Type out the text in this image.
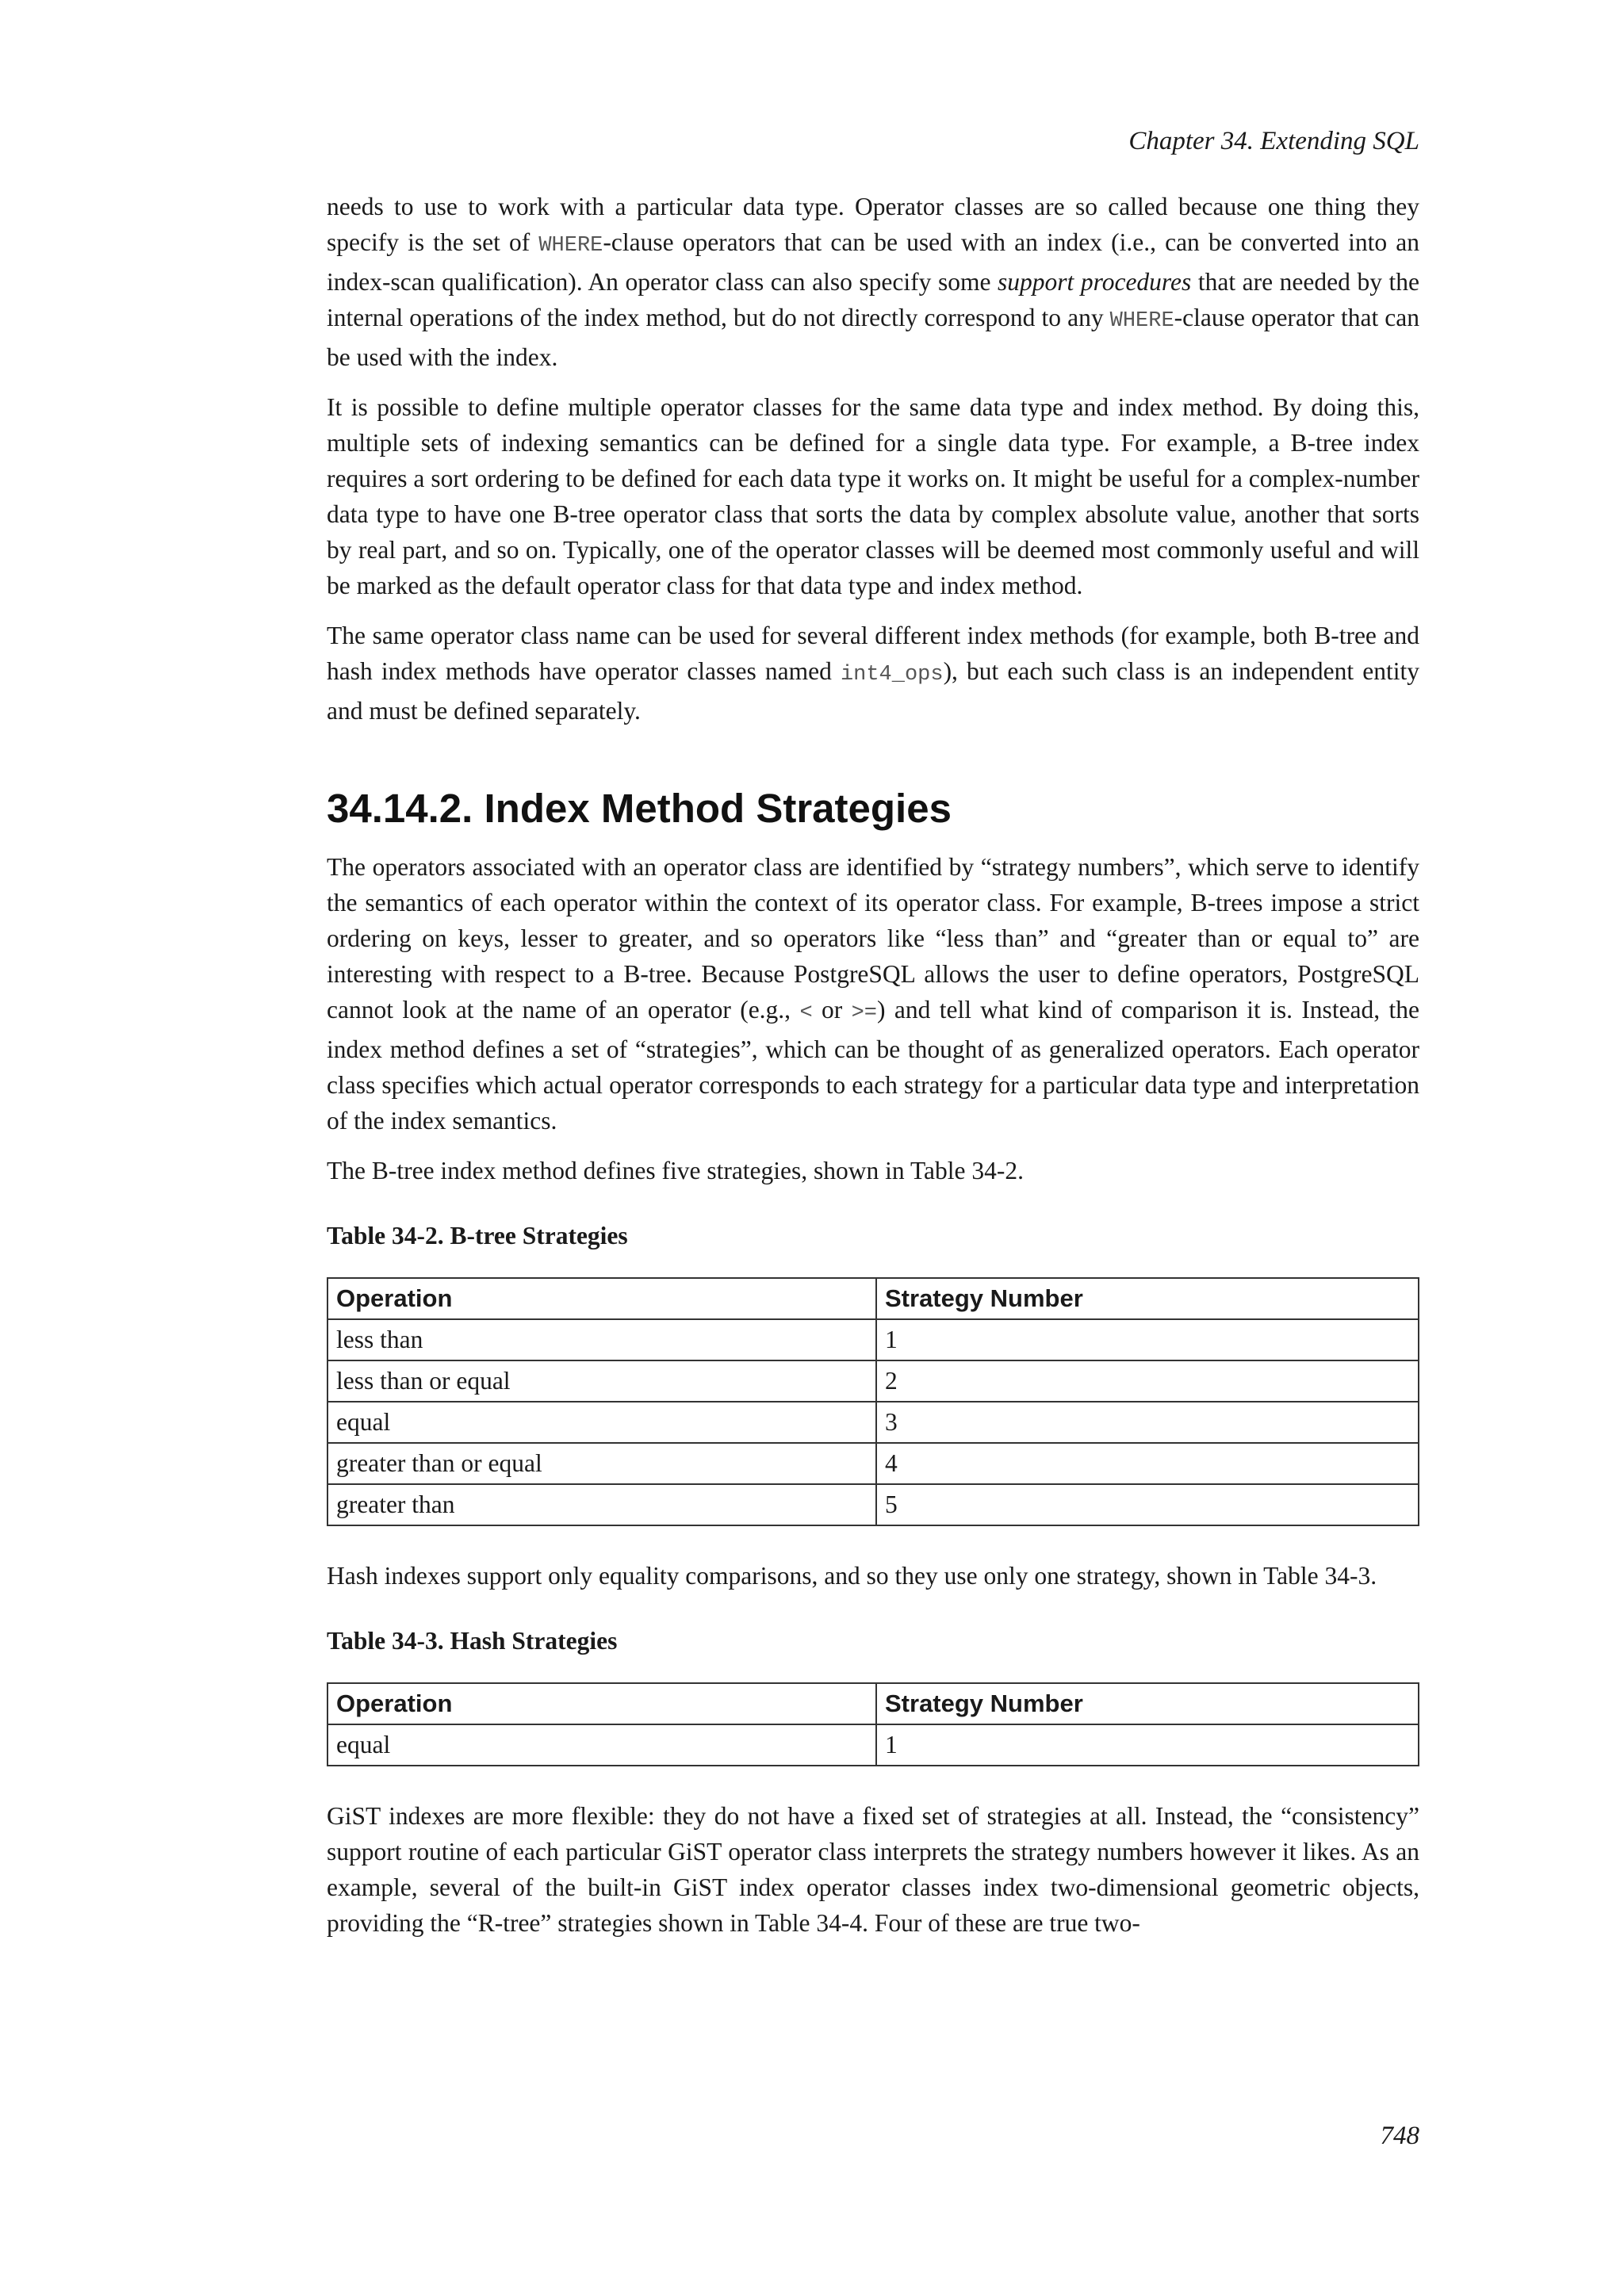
Chapter 34. Extending SQL

needs to use to work with a particular data type. Operator classes are so called because one thing they specify is the set of WHERE-clause operators that can be used with an index (i.e., can be converted into an index-scan qualification). An operator class can also specify some support procedures that are needed by the internal operations of the index method, but do not directly correspond to any WHERE-clause operator that can be used with the index.

It is possible to define multiple operator classes for the same data type and index method. By doing this, multiple sets of indexing semantics can be defined for a single data type. For example, a B-tree index requires a sort ordering to be defined for each data type it works on. It might be useful for a complex-number data type to have one B-tree operator class that sorts the data by complex absolute value, another that sorts by real part, and so on. Typically, one of the operator classes will be deemed most commonly useful and will be marked as the default operator class for that data type and index method.

The same operator class name can be used for several different index methods (for example, both B-tree and hash index methods have operator classes named int4_ops), but each such class is an independent entity and must be defined separately.

34.14.2. Index Method Strategies

The operators associated with an operator class are identified by “strategy numbers”, which serve to identify the semantics of each operator within the context of its operator class. For example, B-trees impose a strict ordering on keys, lesser to greater, and so operators like “less than” and “greater than or equal to” are interesting with respect to a B-tree. Because PostgreSQL allows the user to define operators, PostgreSQL cannot look at the name of an operator (e.g., < or >=) and tell what kind of comparison it is. Instead, the index method defines a set of “strategies”, which can be thought of as generalized operators. Each operator class specifies which actual operator corresponds to each strategy for a particular data type and interpretation of the index semantics.

The B-tree index method defines five strategies, shown in Table 34-2.

Table 34-2. B-tree Strategies
Operation	Strategy Number
less than	1
less than or equal	2
equal	3
greater than or equal	4
greater than	5

Hash indexes support only equality comparisons, and so they use only one strategy, shown in Table 34-3.

Table 34-3. Hash Strategies
Operation	Strategy Number
equal	1

GiST indexes are more flexible: they do not have a fixed set of strategies at all. Instead, the “consistency” support routine of each particular GiST operator class interprets the strategy numbers however it likes. As an example, several of the built-in GiST index operator classes index two-dimensional geometric objects, providing the “R-tree” strategies shown in Table 34-4. Four of these are true two-

748
